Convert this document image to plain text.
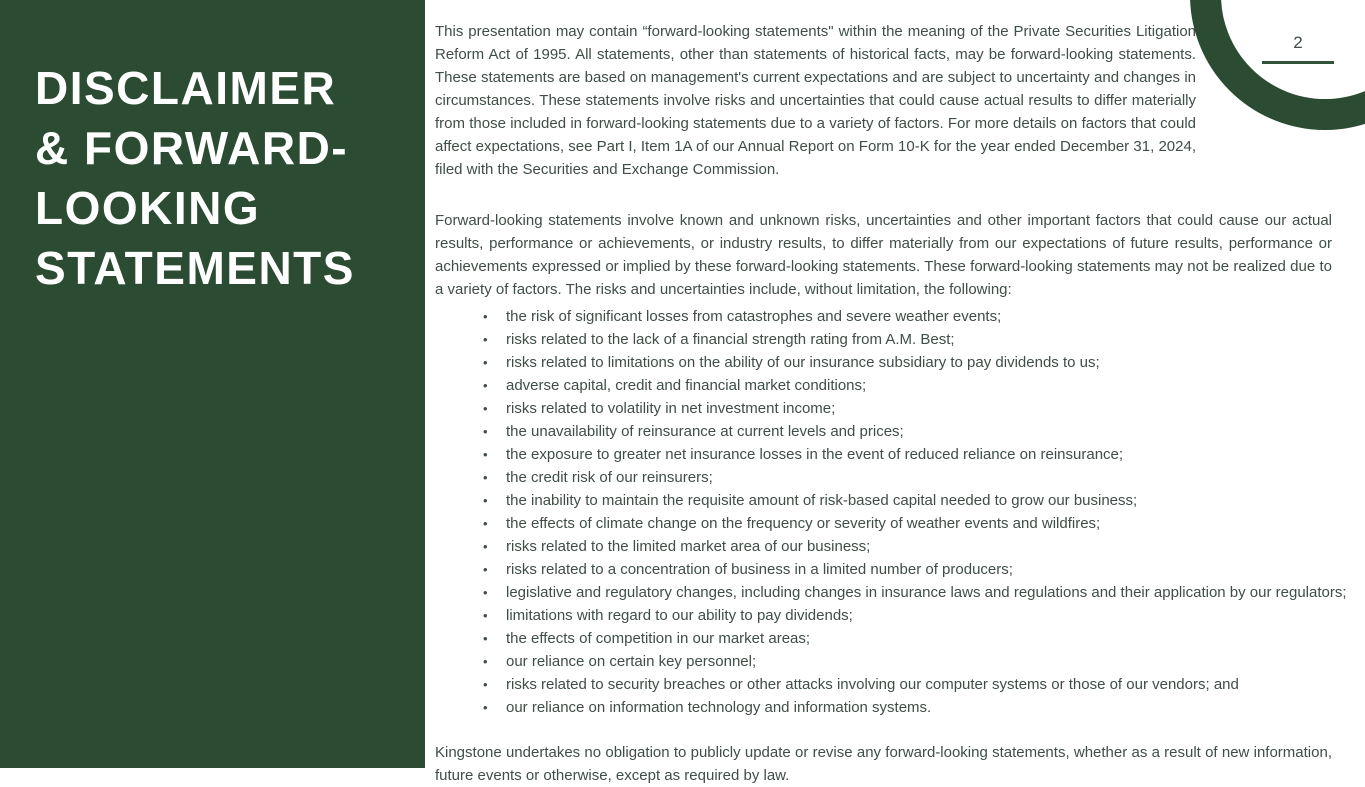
DISCLAIMER
& FORWARD-
LOOKING
STATEMENTS
2

This presentation may contain “forward-looking statements" within the meaning of the Private Securities Litigation Reform Act of 1995. All statements, other than statements of historical facts, may be forward-looking statements. These statements are based on management's current expectations and are subject to uncertainty and changes in circumstances. These statements involve risks and uncertainties that could cause actual results to differ materially from those included in forward-looking statements due to a variety of factors. For more details on factors that could affect expectations, see Part I, Item 1A of our Annual Report on Form 10-K for the year ended December 31, 2024, filed with the Securities and Exchange Commission.

Forward-looking statements involve known and unknown risks, uncertainties and other important factors that could cause our actual results, performance or achievements, or industry results, to differ materially from our expectations of future results, performance or achievements expressed or implied by these forward-looking statements. These forward-looking statements may not be realized due to a variety of factors. The risks and uncertainties include, without limitation, the following:

• the risk of significant losses from catastrophes and severe weather events;
• risks related to the lack of a financial strength rating from A.M. Best;
• risks related to limitations on the ability of our insurance subsidiary to pay dividends to us;
• adverse capital, credit and financial market conditions;
• risks related to volatility in net investment income;
• the unavailability of reinsurance at current levels and prices;
• the exposure to greater net insurance losses in the event of reduced reliance on reinsurance;
• the credit risk of our reinsurers;
• the inability to maintain the requisite amount of risk-based capital needed to grow our business;
• the effects of climate change on the frequency or severity of weather events and wildfires;
• risks related to the limited market area of our business;
• risks related to a concentration of business in a limited number of producers;
• legislative and regulatory changes, including changes in insurance laws and regulations and their application by our regulators;
• limitations with regard to our ability to pay dividends;
• the effects of competition in our market areas;
• our reliance on certain key personnel;
• risks related to security breaches or other attacks involving our computer systems or those of our vendors; and
• our reliance on information technology and information systems.

Kingstone undertakes no obligation to publicly update or revise any forward-looking statements, whether as a result of new information, future events or otherwise, except as required by law.
